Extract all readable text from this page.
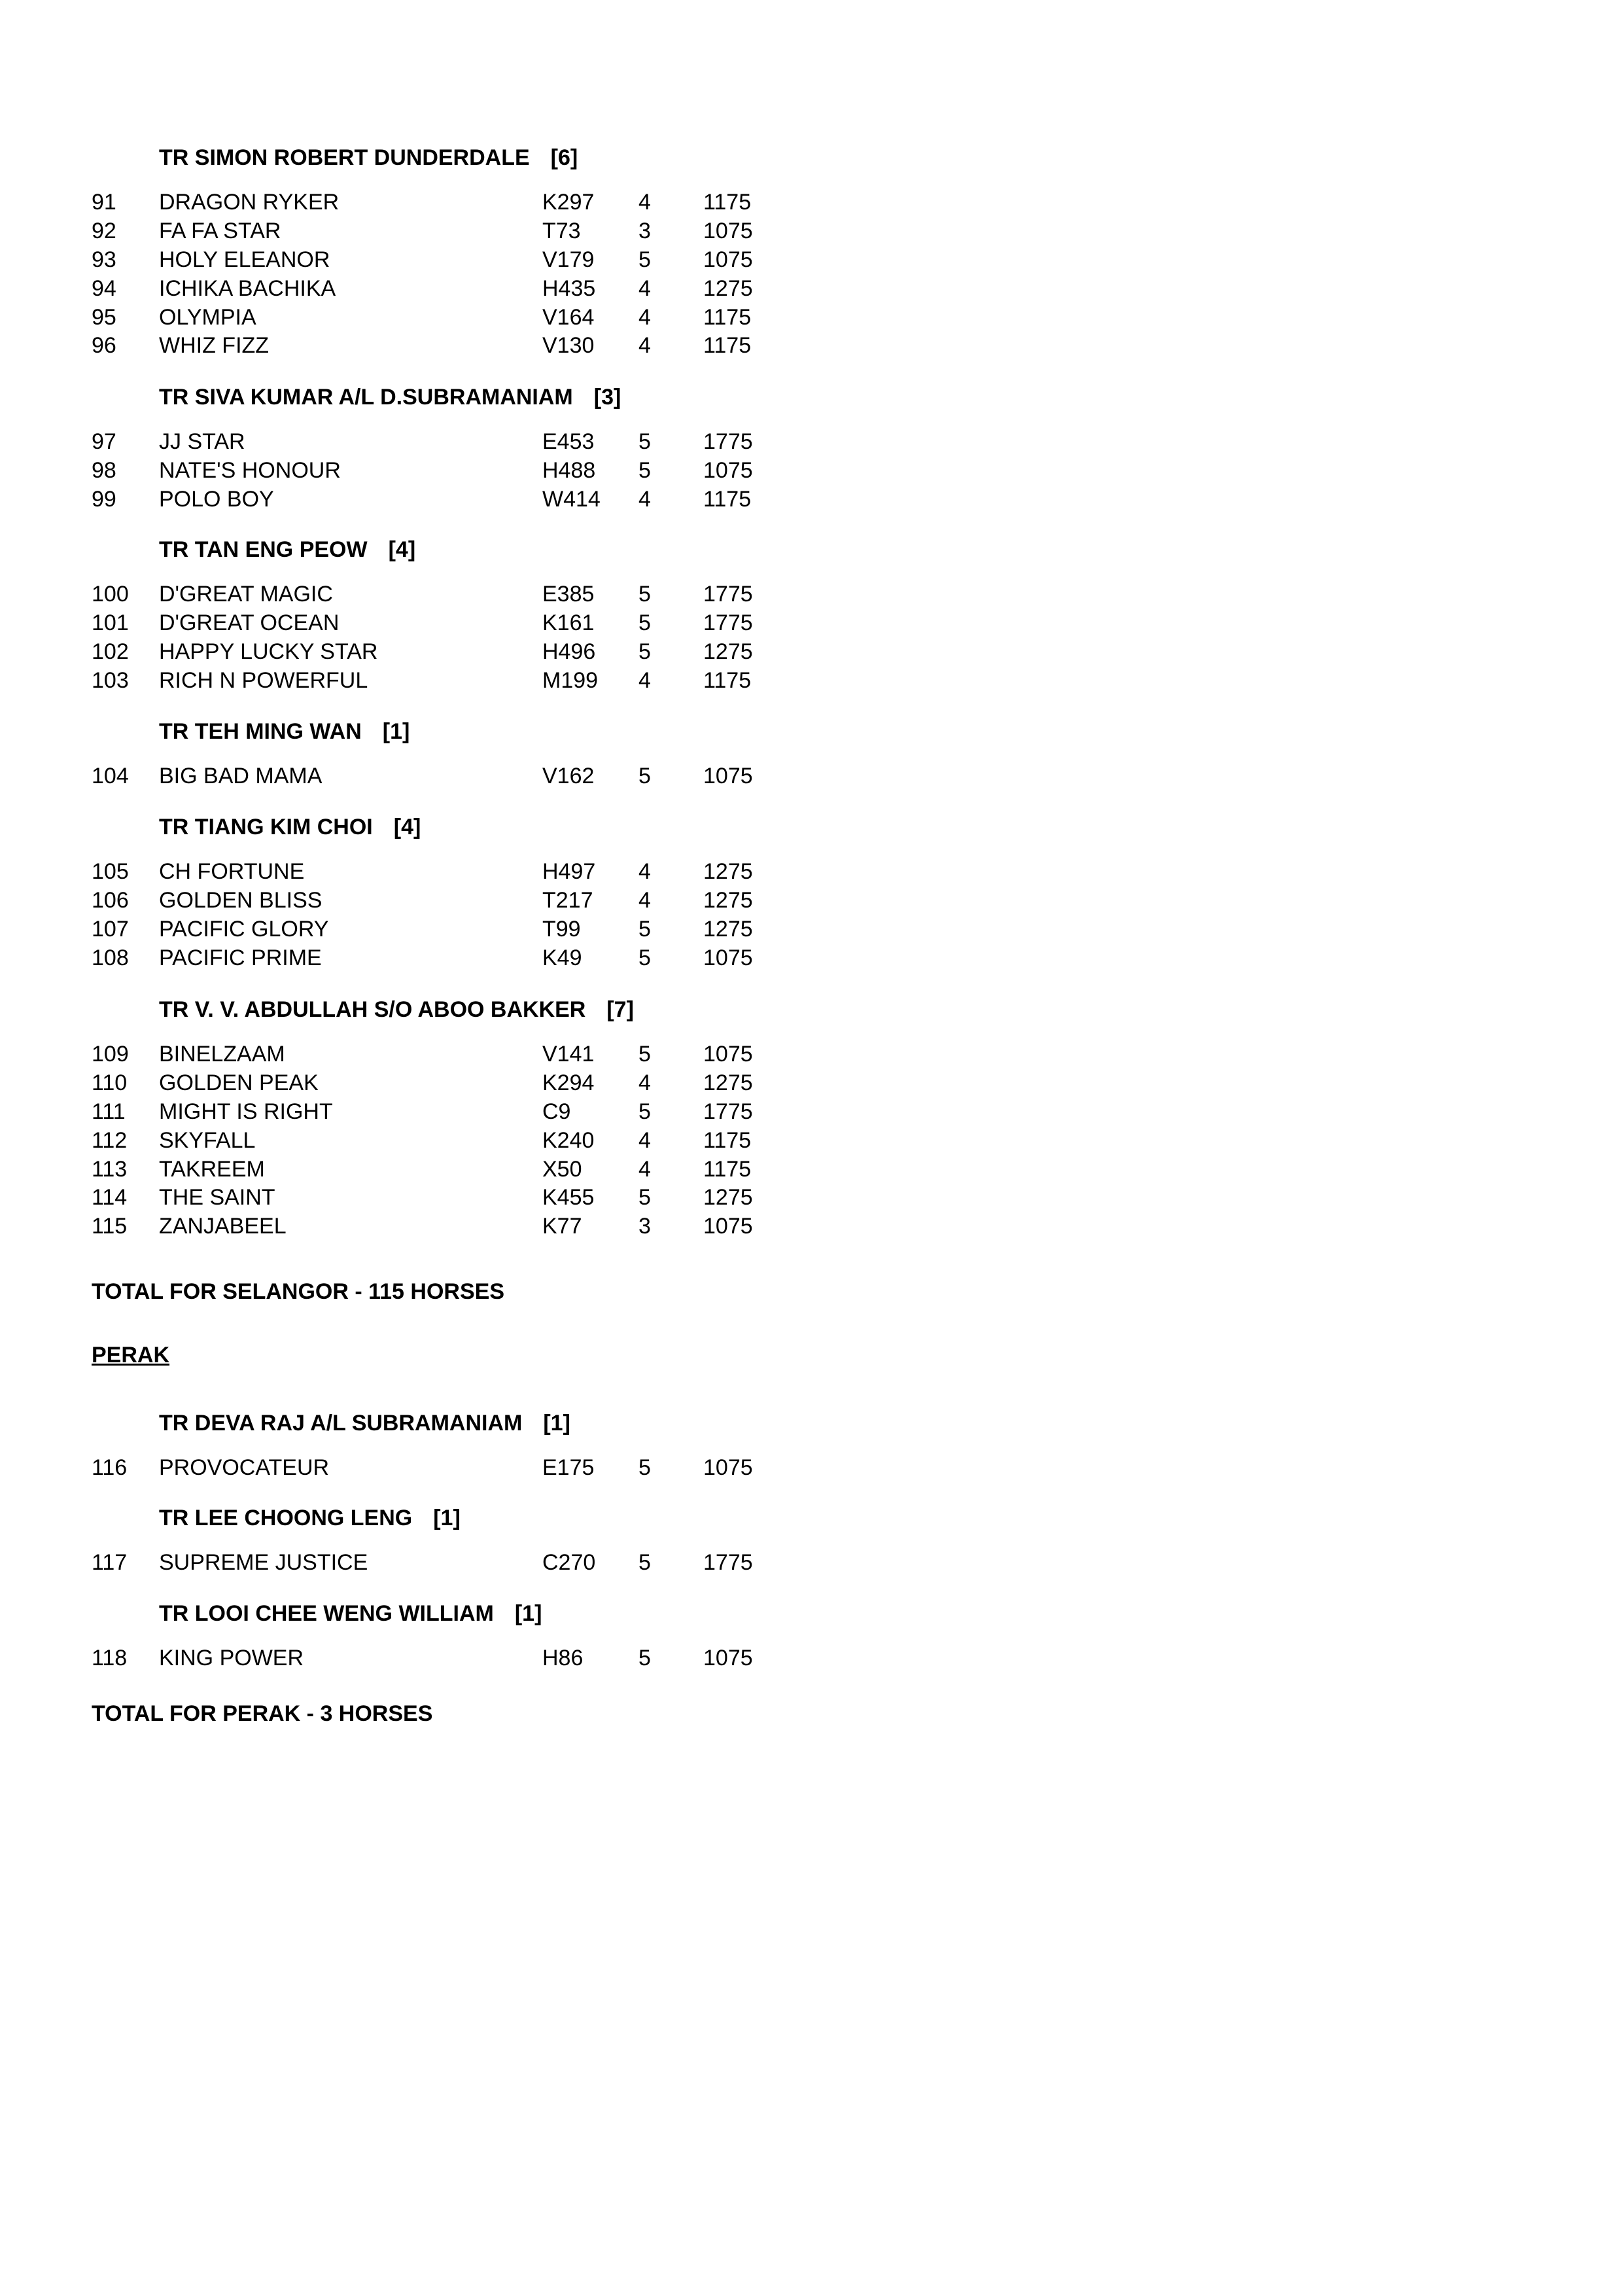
TR SIMON ROBERT DUNDERDALE [6]
91 DRAGON RYKER	K297 4 1175
92 FA FA STAR	T73	3 1075
93 HOLY ELEANOR	V179 5 1075
94 ICHIKA BACHIKA	H435 4 1275
95 OLYMPIA	V164 4 1175
96 WHIZ FIZZ	V130 4 1175
TR SIVA KUMAR A/L D.SUBRAMANIAM [3]
97 JJ STAR	E453 5 1775
98 NATE'S HONOUR	H488 5 1075
99 POLO BOY	W414 4 1175
TR TAN ENG PEOW [4]
100 D'GREAT MAGIC	E385 5 1775
101 D'GREAT OCEAN	K161 5 1775
102 HAPPY LUCKY STAR	H496 5 1275
103 RICH N POWERFUL	M199 4 1175
TR TEH MING WAN [1]
104 BIG BAD MAMA	V162 5 1075
TR TIANG KIM CHOI [4]
105 CH FORTUNE	H497 4 1275
106 GOLDEN BLISS	T217 4 1275
107 PACIFIC GLORY	T99	5 1275
108 PACIFIC PRIME	K49	5 1075
TR V. V. ABDULLAH S/O ABOO BAKKER [7]
109 BINELZAAM	V141 5 1075
110 GOLDEN PEAK	K294 4 1275
111 MIGHT IS RIGHT	C9	5 1775
112 SKYFALL	K240 4 1175
113 TAKREEM	X50	4 1175
114 THE SAINT	K455 5 1275
115 ZANJABEEL	K77	3 1075
TOTAL FOR SELANGOR - 115 HORSES
PERAK
TR DEVA RAJ A/L SUBRAMANIAM [1]
116 PROVOCATEUR	E175 5 1075
TR LEE CHOONG LENG [1]
117 SUPREME JUSTICE	C270 5 1775
TR LOOI CHEE WENG WILLIAM [1]
118 KING POWER	H86 5 1075
TOTAL FOR PERAK - 3 HORSES
